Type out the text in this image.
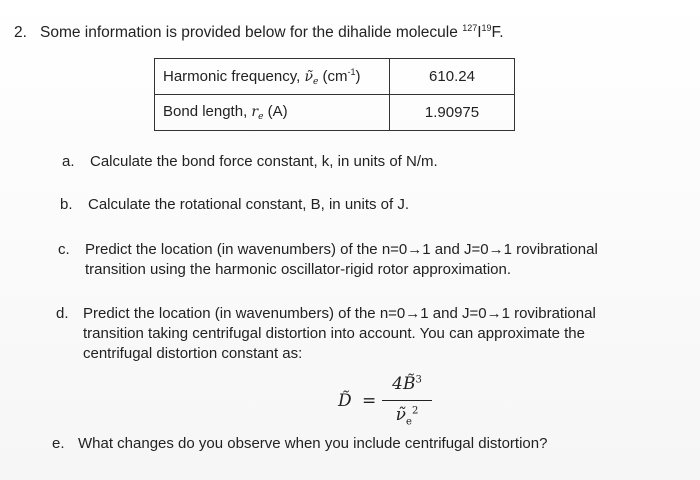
2. Some information is provided below for the dihalide molecule $^{127}I^{19}F$.
Harmonic frequency, $\nũ_e$ $(cm^{-1})$	610.24
Bond length, $r_e$ (A)	1.90975
a. Calculate the bond force constant, k, in units of N/m.
b. Calculate the rotational constant, B, in units of J.
c. Predict the location (in wavenumbers) of the n=0→1 and J=0→1 rovibrational
transition using the harmonic oscillator-rigid rotor approximation.
d. Predict the location (in wavenumbers) of the n=0→1 and J=0→1 rovibrational
transition taking centrifugal distortion into account. You can approximate the
centrifugal distortion constant as:
D̃ =
4B̃$^3$
$\nũ_e^2$
e. What changes do you observe when you include centrifugal distortion?
